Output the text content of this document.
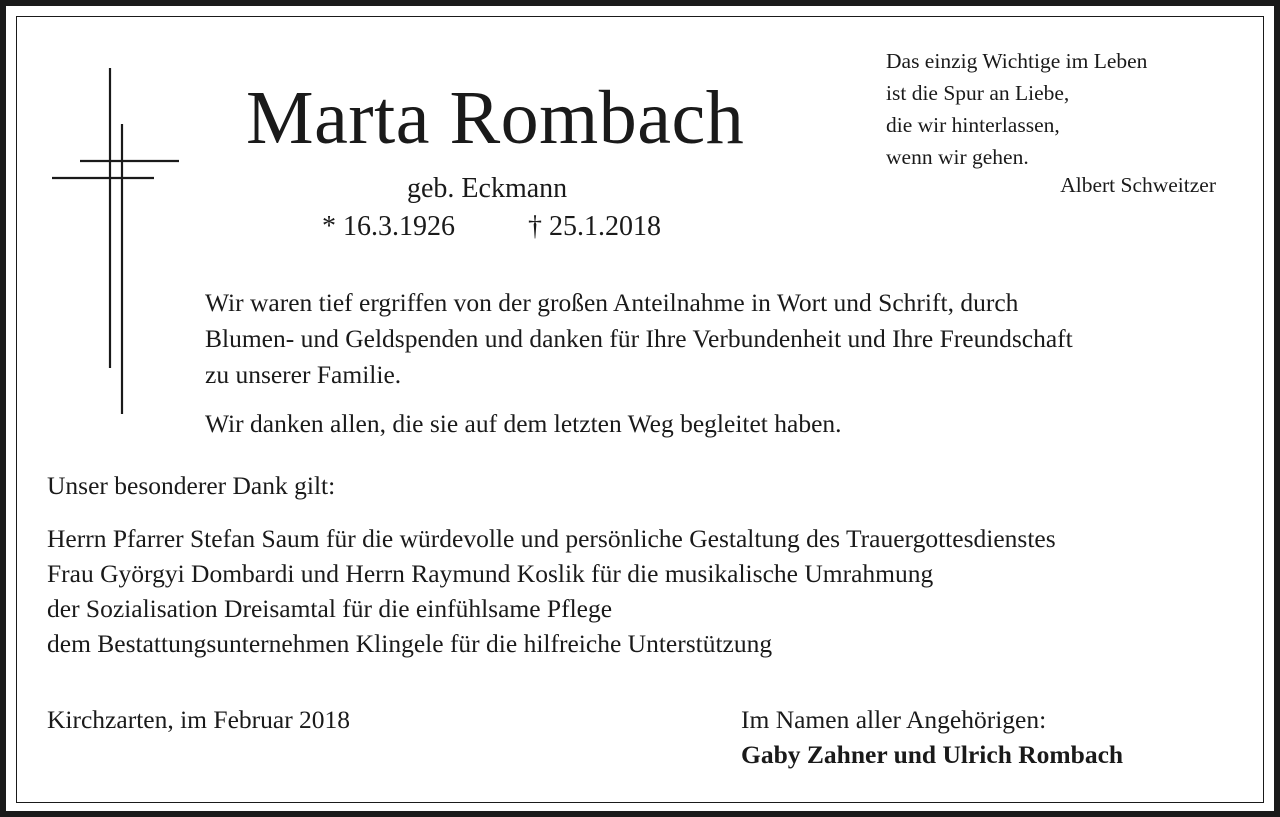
Marta Rombach
geb. Eckmann
* 16.3.1926	† 25.1.2018
Das einzig Wichtige im Leben
ist die Spur an Liebe,
die wir hinterlassen,
wenn wir gehen.
Albert Schweitzer
Wir waren tief ergriffen von der großen Anteilnahme in Wort und Schrift, durch
Blumen- und Geldspenden und danken für Ihre Verbundenheit und Ihre Freundschaft
zu unserer Familie.
Wir danken allen, die sie auf dem letzten Weg begleitet haben.
Unser besonderer Dank gilt:
Herrn Pfarrer Stefan Saum für die würdevolle und persönliche Gestaltung des Trauergottesdienstes
Frau Györgyi Dombardi und Herrn Raymund Koslik für die musikalische Umrahmung
der Sozialisation Dreisamtal für die einfühlsame Pflege
dem Bestattungsunternehmen Klingele für die hilfreiche Unterstützung
Kirchzarten, im Februar 2018	Im Namen aller Angehörigen:
Gaby Zahner und Ulrich Rombach
